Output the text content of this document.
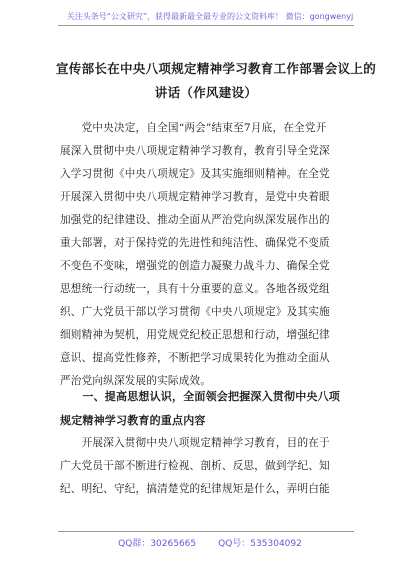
关注头条号“公文研究”，获得最新最全最专业的公文资料库！ 微信：gongwenyj
宣传部长在中央八项规定精神学习教育工作部署会议上的
讲话（作风建设）
　　党中央决定，自全国“两会”结束至7月底，在全党开
展深入贯彻中央八项规定精神学习教育，教育引导全党深
入学习贯彻《中央八项规定》及其实施细则精神。在全党
开展深入贯彻中央八项规定精神学习教育，是党中央着眼
加强党的纪律建设、推动全面从严治党向纵深发展作出的
重大部署，对于保持党的先进性和纯洁性、确保党不变质
不变色不变味，增强党的创造力凝聚力战斗力、确保全党
思想统一行动统一，具有十分重要的意义。各地各级党组
织、广大党员干部以学习贯彻《中央八项规定》及其实施
细则精神为契机，用党规党纪校正思想和行动，增强纪律
意识、提高党性修养，不断把学习成果转化为推动全面从
严治党向纵深发展的实际成效。
　　一、提高思想认识，全面领会把握深入贯彻中央八项
规定精神学习教育的重点内容
　　开展深入贯彻中央八项规定精神学习教育，目的在于
广大党员干部不断进行检视、剖析、反思，做到学纪、知
纪、明纪、守纪，搞清楚党的纪律规矩是什么，弄明白能
QQ群：30265665 QQ号：535304092
